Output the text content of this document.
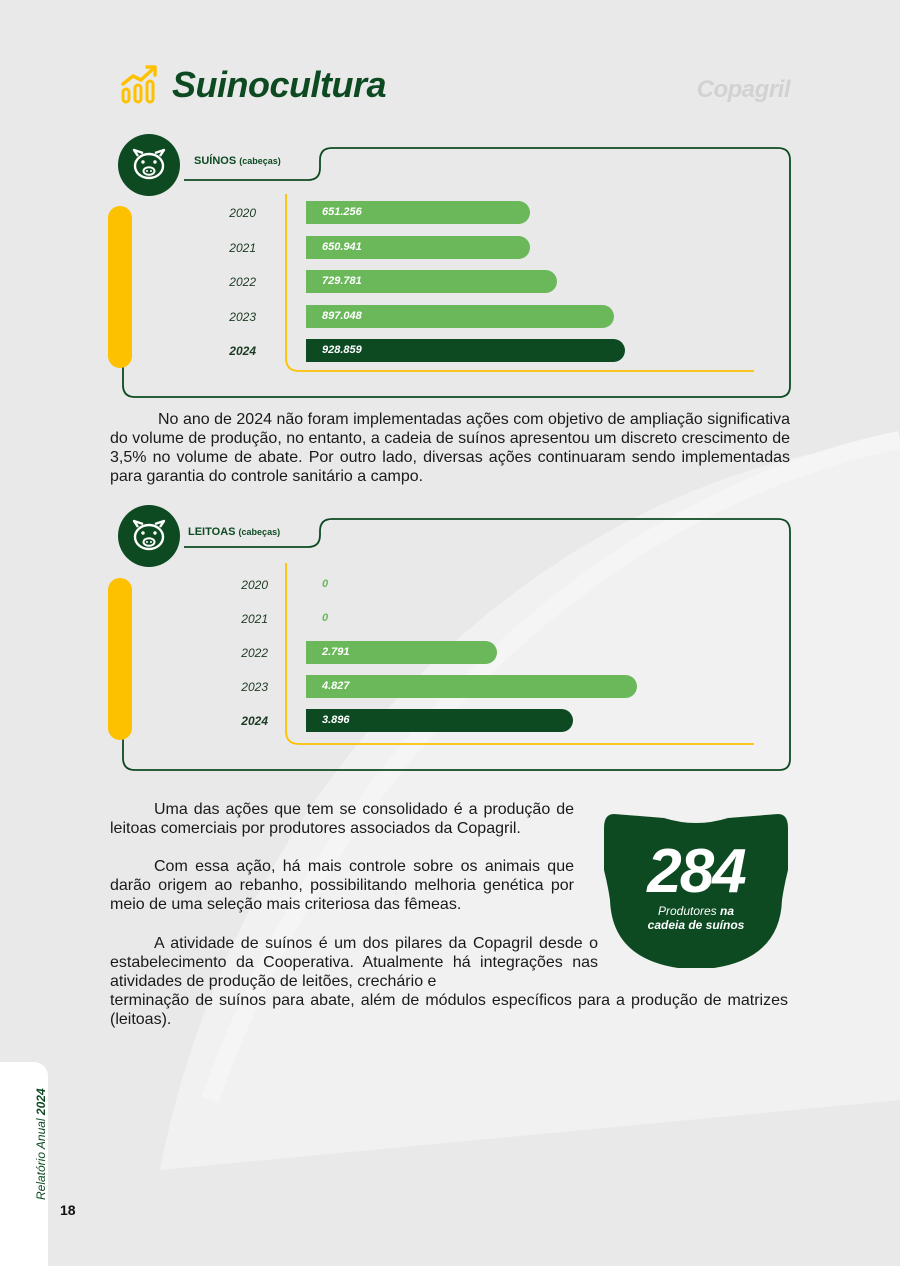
Suinocultura	Copagril
SUÍNOS (cabeças)
2020	651.256
2021	650.941
2022	729.781
2023	897.048
2024	928.859

No ano de 2024 não foram implementadas ações com objetivo de ampliação significativa do volume de produção, no entanto, a cadeia de suínos apresentou um discreto crescimento de 3,5% no volume de abate. Por outro lado, diversas ações continuaram sendo implementadas para garantia do controle sanitário a campo.

LEITOAS (cabeças)
2020	0
2021	0
2022	2.791
2023	4.827
2024	3.896

Uma das ações que tem se consolidado é a produção de leitoas comerciais por produtores associados da Copagril.

Com essa ação, há mais controle sobre os animais que darão origem ao rebanho, possibilitando melhoria genética por meio de uma seleção mais criteriosa das fêmeas.

A atividade de suínos é um dos pilares da Copagril desde o estabelecimento da Cooperativa. Atualmente há integrações nas atividades de produção de leitões, crechário e

terminação de suínos para abate, além de módulos específicos para a produção de matrizes (leitoas).

284
Produtores na
cadeia de suínos
Relatório Anual 2024
18
